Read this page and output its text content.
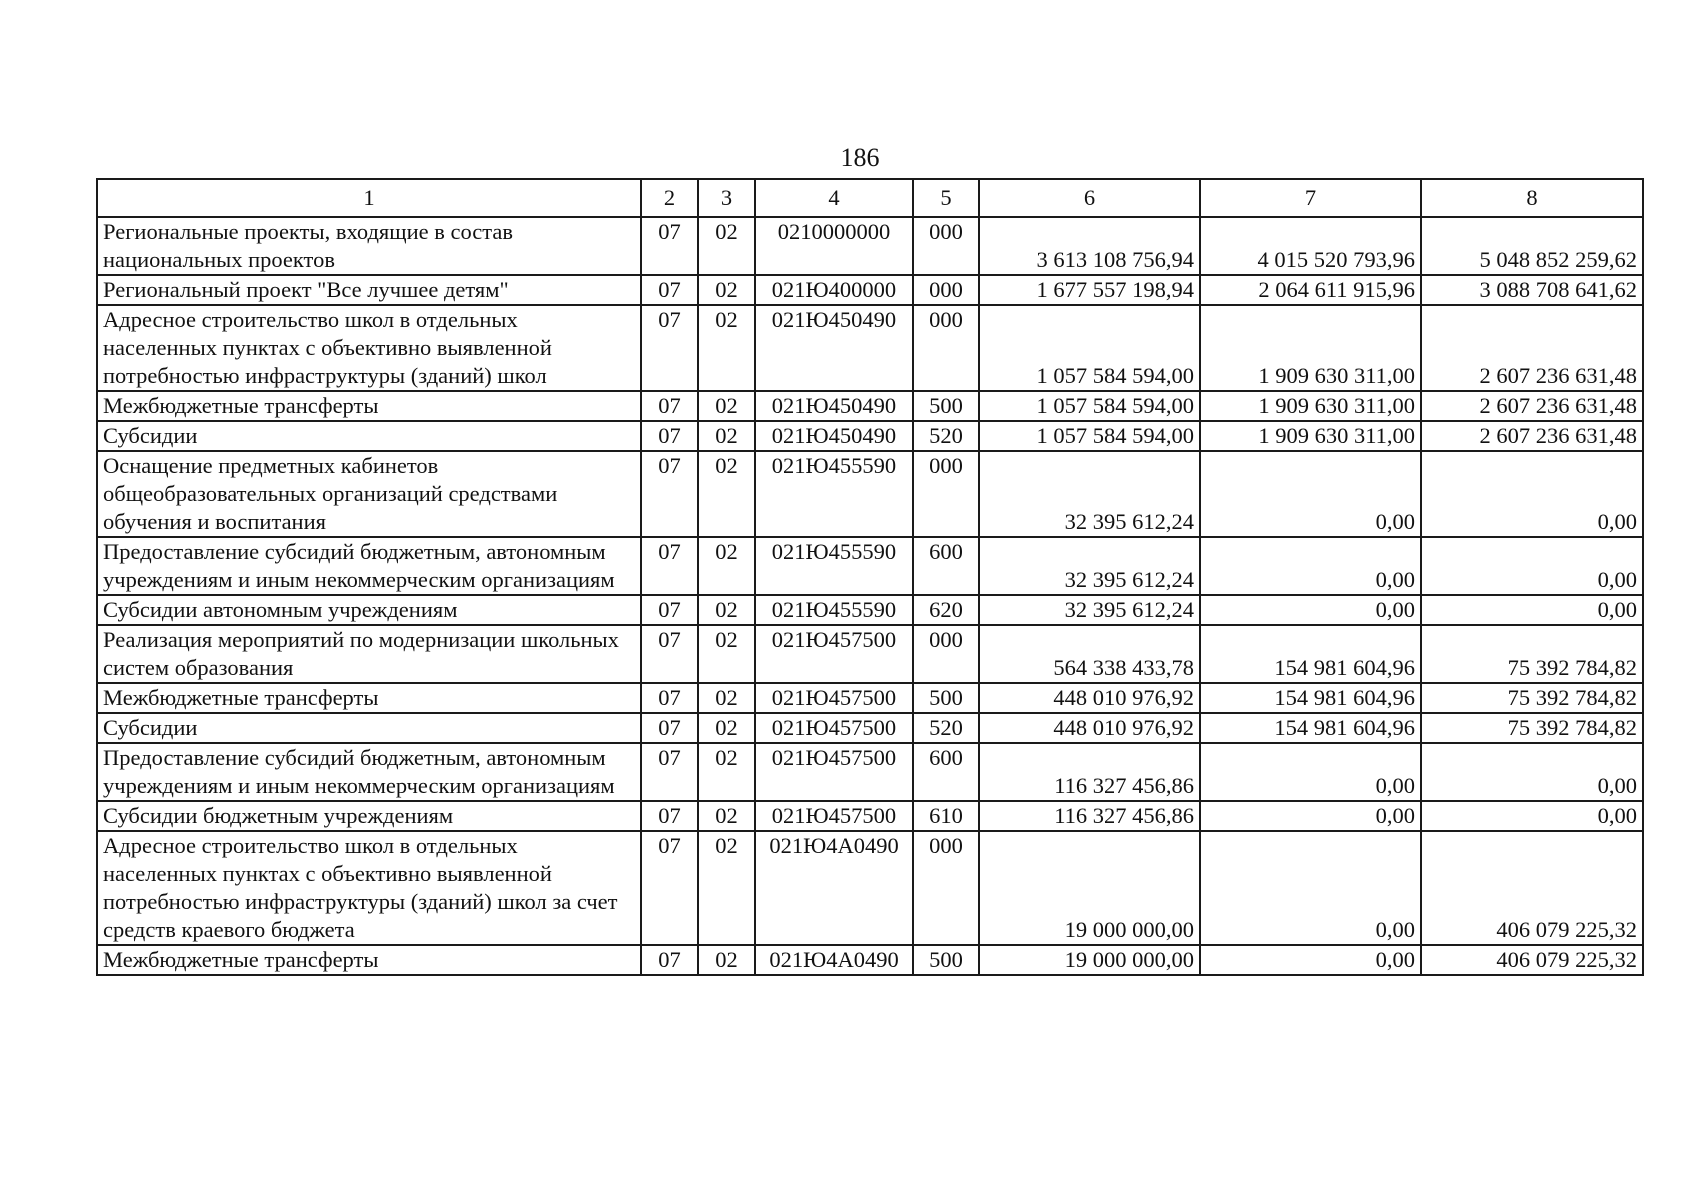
186
1	2	3	4	5	6	7	8
Региональные проекты, входящие в состав национальных проектов	07	02	0210000000	000	3 613 108 756,94	4 015 520 793,96	5 048 852 259,62
Региональный проект "Все лучшее детям"	07	02	021Ю400000	000	1 677 557 198,94	2 064 611 915,96	3 088 708 641,62
Адресное строительство школ в отдельных населенных пунктах с объективно выявленной потребностью инфраструктуры (зданий) школ	07	02	021Ю450490	000	1 057 584 594,00	1 909 630 311,00	2 607 236 631,48
Межбюджетные трансферты	07	02	021Ю450490	500	1 057 584 594,00	1 909 630 311,00	2 607 236 631,48
Субсидии	07	02	021Ю450490	520	1 057 584 594,00	1 909 630 311,00	2 607 236 631,48
Оснащение предметных кабинетов общеобразовательных организаций средствами обучения и воспитания	07	02	021Ю455590	000	32 395 612,24	0,00	0,00
Предоставление субсидий бюджетным, автономным учреждениям и иным некоммерческим организациям	07	02	021Ю455590	600	32 395 612,24	0,00	0,00
Субсидии автономным учреждениям	07	02	021Ю455590	620	32 395 612,24	0,00	0,00
Реализация мероприятий по модернизации школьных систем образования	07	02	021Ю457500	000	564 338 433,78	154 981 604,96	75 392 784,82
Межбюджетные трансферты	07	02	021Ю457500	500	448 010 976,92	154 981 604,96	75 392 784,82
Субсидии	07	02	021Ю457500	520	448 010 976,92	154 981 604,96	75 392 784,82
Предоставление субсидий бюджетным, автономным учреждениям и иным некоммерческим организациям	07	02	021Ю457500	600	116 327 456,86	0,00	0,00
Субсидии бюджетным учреждениям	07	02	021Ю457500	610	116 327 456,86	0,00	0,00
Адресное строительство школ в отдельных населенных пунктах с объективно выявленной потребностью инфраструктуры (зданий) школ за счет средств краевого бюджета	07	02	021Ю4А0490	000	19 000 000,00	0,00	406 079 225,32
Межбюджетные трансферты	07	02	021Ю4А0490	500	19 000 000,00	0,00	406 079 225,32
